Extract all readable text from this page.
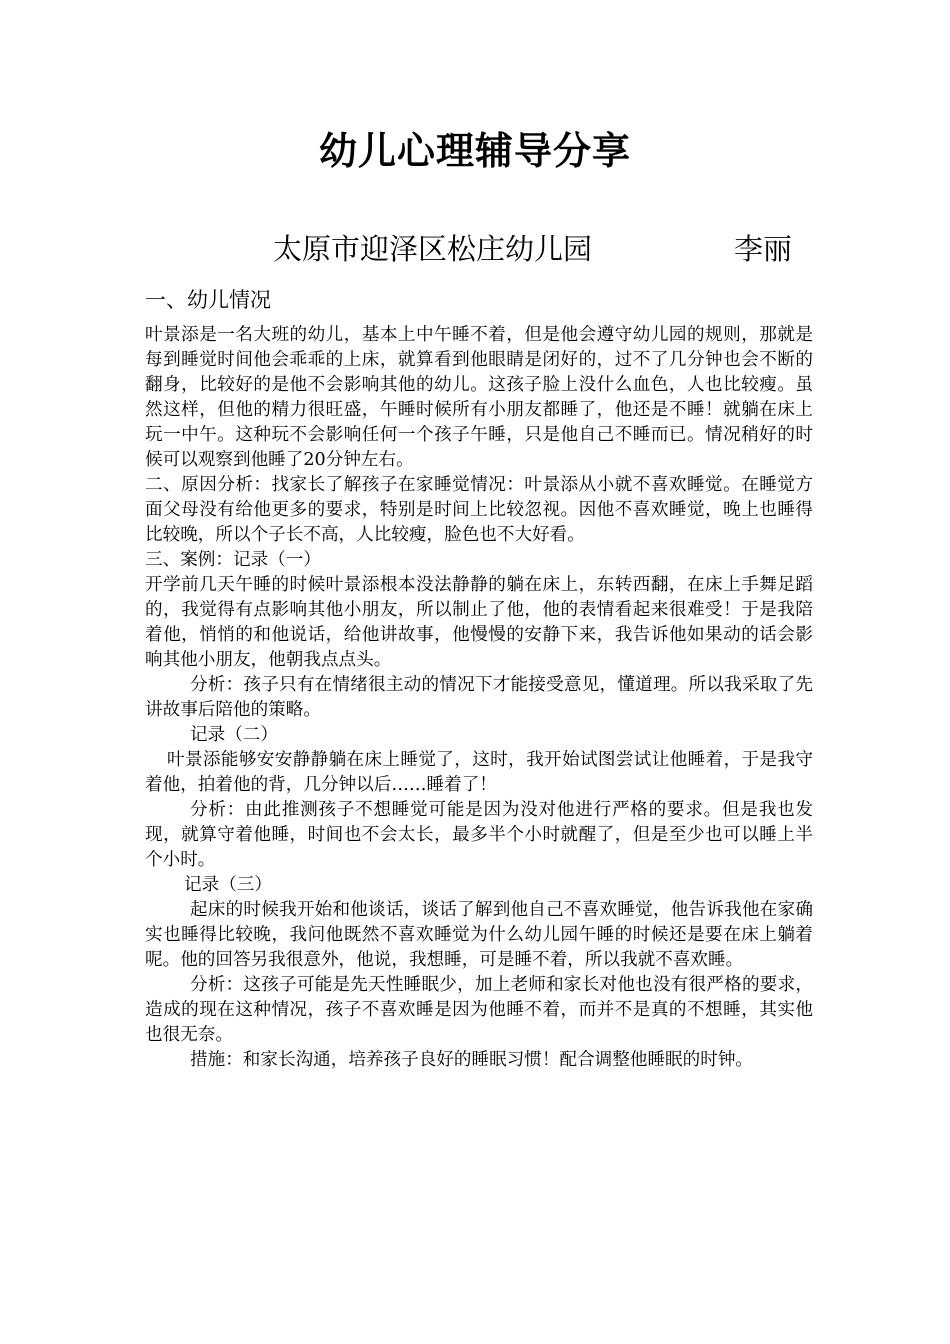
幼儿心理辅导分享
太原市迎泽区松庄幼儿园	李丽
一、幼儿情况

叶景添是一名大班的幼儿，基本上中午睡不着，但是他会遵守幼儿园的规则，那就是每到睡觉时间他会乖乖的上床，就算看到他眼睛是闭好的，过不了几分钟也会不断的翻身，比较好的是他不会影响其他的幼儿。这孩子脸上没什么血色，人也比较瘦。虽然这样，但他的精力很旺盛，午睡时候所有小朋友都睡了，他还是不睡！就躺在床上玩一中午。这种玩不会影响任何一个孩子午睡，只是他自己不睡而已。情况稍好的时候可以观察到他睡了20分钟左右。

二、原因分析：找家长了解孩子在家睡觉情况：叶景添从小就不喜欢睡觉。在睡觉方面父母没有给他更多的要求，特别是时间上比较忽视。因他不喜欢睡觉，晚上也睡得比较晚，所以个子长不高，人比较瘦，脸色也不大好看。

三、案例：记录（一）

开学前几天午睡的时候叶景添根本没法静静的躺在床上，东转西翻，在床上手舞足蹈的，我觉得有点影响其他小朋友，所以制止了他，他的表情看起来很难受！于是我陪着他，悄悄的和他说话，给他讲故事，他慢慢的安静下来，我告诉他如果动的话会影响其他小朋友，他朝我点点头。

分析：孩子只有在情绪很主动的情况下才能接受意见，懂道理。所以我采取了先讲故事后陪他的策略。

记录（二）

叶景添能够安安静静躺在床上睡觉了，这时，我开始试图尝试让他睡着，于是我守着他，拍着他的背，几分钟以后……睡着了！

分析：由此推测孩子不想睡觉可能是因为没对他进行严格的要求。但是我也发现，就算守着他睡，时间也不会太长，最多半个小时就醒了，但是至少也可以睡上半个小时。

记录（三）

起床的时候我开始和他谈话，谈话了解到他自己不喜欢睡觉，他告诉我他在家确实也睡得比较晚，我问他既然不喜欢睡觉为什么幼儿园午睡的时候还是要在床上躺着呢。他的回答另我很意外，他说，我想睡，可是睡不着，所以我就不喜欢睡。

分析：这孩子可能是先天性睡眠少，加上老师和家长对他也没有很严格的要求，造成的现在这种情况，孩子不喜欢睡是因为他睡不着，而并不是真的不想睡，其实他也很无奈。

措施：和家长沟通，培养孩子良好的睡眠习惯！配合调整他睡眠的时钟。
